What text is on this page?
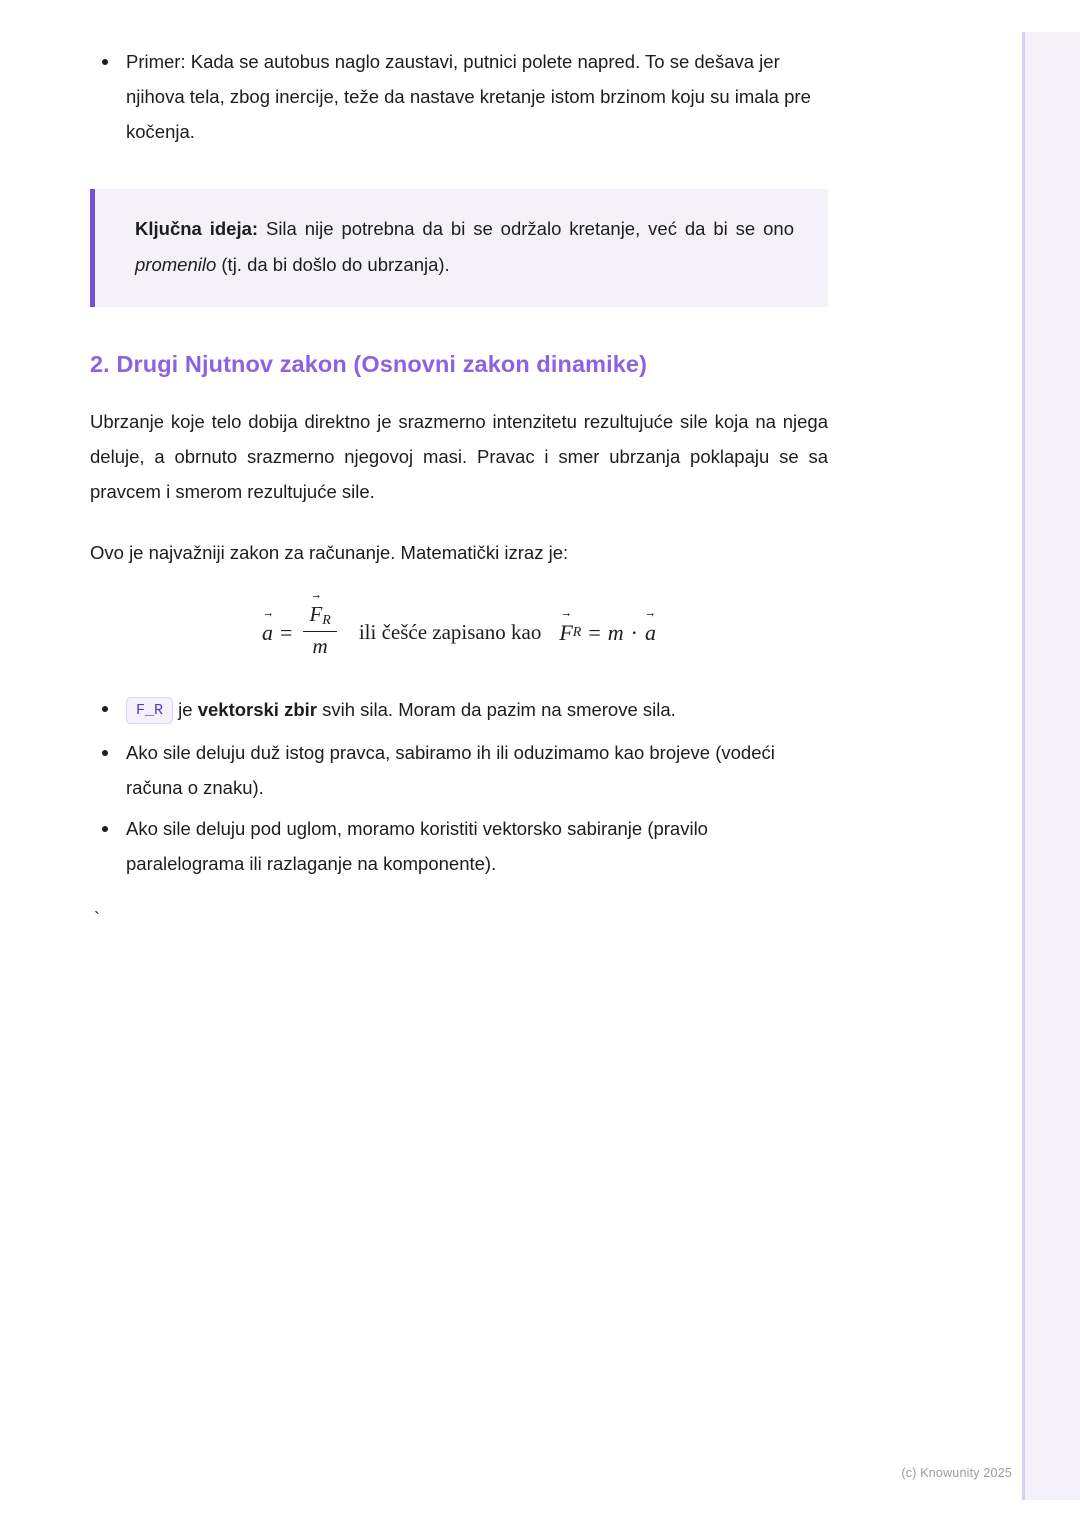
Primer: Kada se autobus naglo zaustavi, putnici polete napred. To se dešava jer njihova tela, zbog inercije, teže da nastave kretanje istom brzinom koju su imala pre kočenja.

Ključna ideja: Sila nije potrebna da bi se održalo kretanje, već da bi se ono promenilo (tj. da bi došlo do ubrzanja).

2. Drugi Njutnov zakon (Osnovni zakon dinamike)

Ubrzanje koje telo dobija direktno je srazmerno intenzitetu rezultujuće sile koja na njega deluje, a obrnuto srazmerno njegovoj masi. Pravac i smer ubrzanja poklapaju se sa pravcem i smerom rezultujuće sile.

Ovo je najvažniji zakon za računanje. Matematički izraz je:

→ a = → $\frac{F_R}{m}$ ili češće zapisano kao → F R = m · → a
F_R je vektorski zbir svih sila. Moram da pazim na smerove sila.
Ako sile deluju duž istog pravca, sabiramo ih ili oduzimamo kao brojeve (vodeći računa o znaku).
Ako sile deluju pod uglom, moramo koristiti vektorsko sabiranje (pravilo paralelograma ili razlaganje na komponente).
`
(c) Knowunity 2025
